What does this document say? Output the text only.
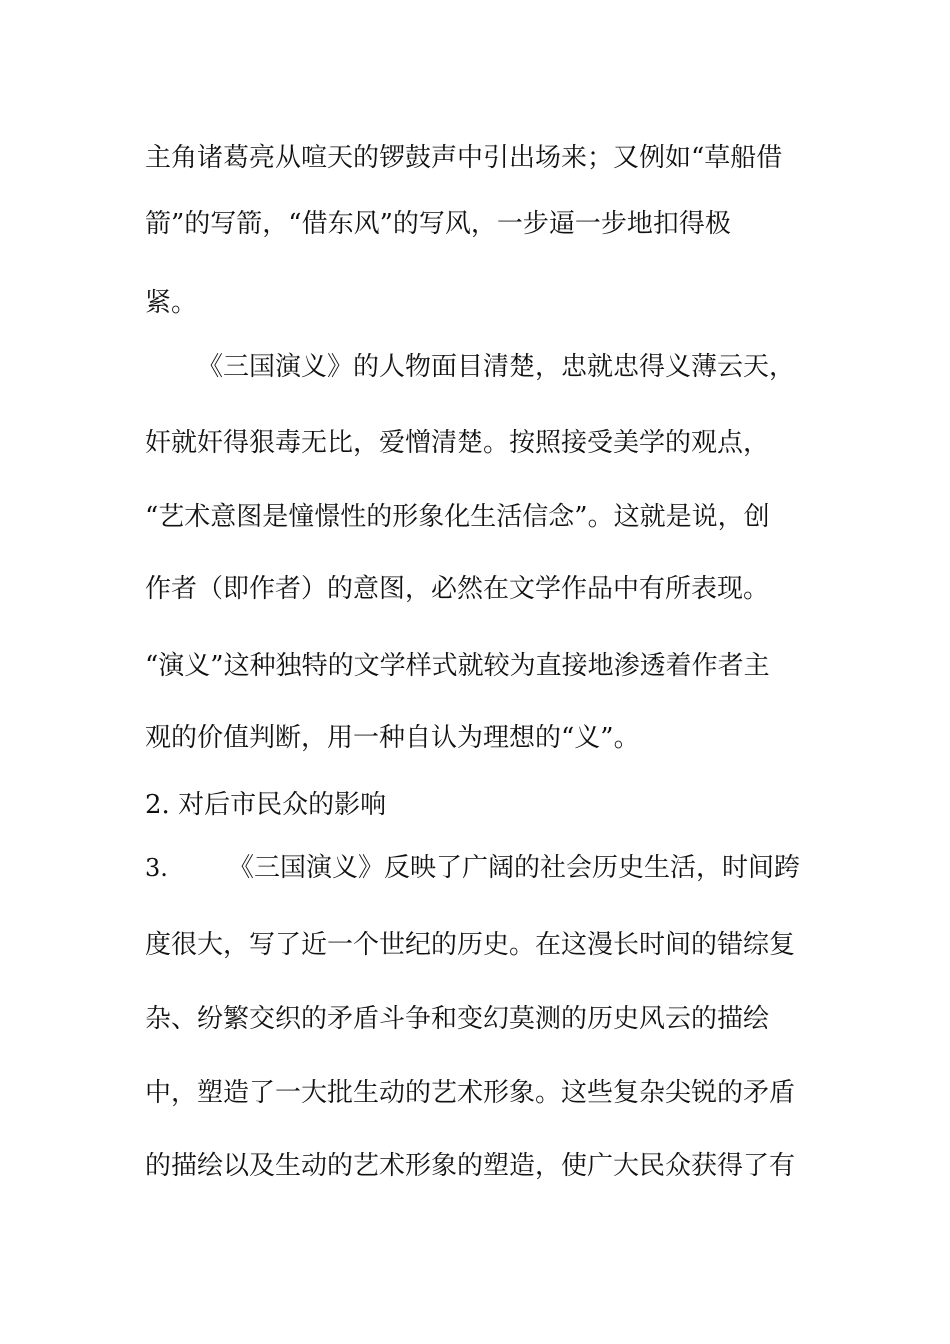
主角诸葛亮从喧天的锣鼓声中引出场来；又例如“草船借
箭”的写箭，“借东风”的写风，一步逼一步地扣得极
紧。
《三国演义》的人物面目清楚，忠就忠得义薄云天，
奸就奸得狠毒无比，爱憎清楚。按照接受美学的观点，
“艺术意图是憧憬性的形象化生活信念”。这就是说，创
作者（即作者）的意图，必然在文学作品中有所表现。
“演义”这种独特的文学样式就较为直接地渗透着作者主
观的价值判断，用一种自认为理想的“义”。
2. 对后市民众的影响
3. 《三国演义》反映了广阔的社会历史生活，时间跨
度很大，写了近一个世纪的历史。在这漫长时间的错综复
杂、纷繁交织的矛盾斗争和变幻莫测的历史风云的描绘
中，塑造了一大批生动的艺术形象。这些复杂尖锐的矛盾
的描绘以及生动的艺术形象的塑造，使广大民众获得了有
